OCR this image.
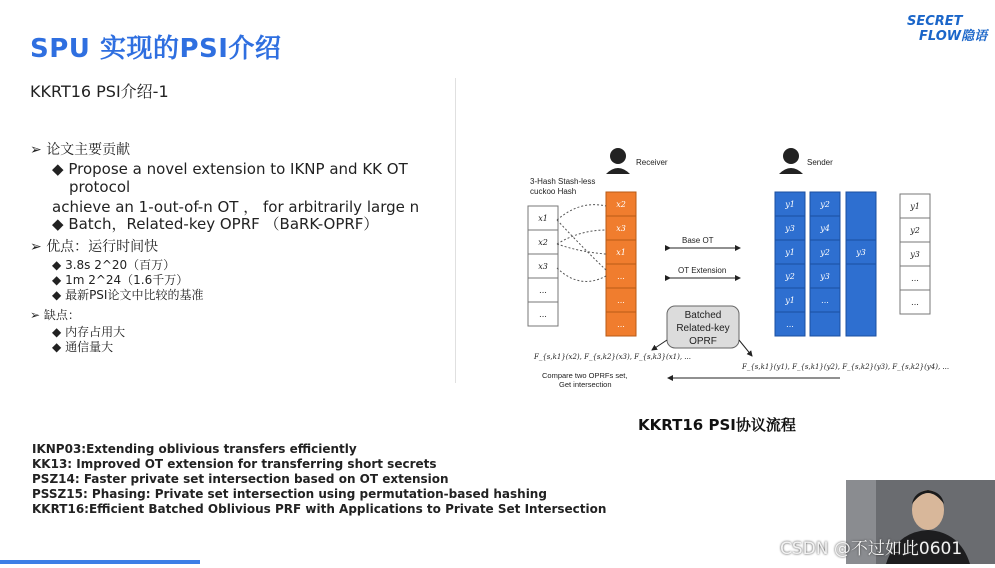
SPU 实现的PSI介绍
SECRET
FLOW隐语
KKRT16 PSI介绍-1
➢ 论文主要贡献
◆ Propose a novel extension to IKNP and KK OT
protocol
achieve an 1-out-of-n OT ， for arbitrarily large n
◆ Batch，Related-key OPRF （BaRK-OPRF）
➢ 优点：运行时间快
◆ 3.8s 2^20（百万）
◆ 1m 2^24（1.6千万）
◆ 最新PSI论文中比较的基准
➢ 缺点：
◆ 内存占用大
◆ 通信量大
Receiver	Sender
3-Hash Stash-less
cuckoo Hash
x1
x2
x3
...
...
x2
x3
x1
...
...
...
y1
y3
y1
y2
y1
...
y2
y4
y2
y3
...
y3
y1
y2
y3
...
...
Base OT
OT Extension
Batched
Related-key
OPRF
F_{s,k1}(x2), F_{s,k2}(x3), F_{s,k3}(x1), ...
F_{s,k1}(y1), F_{s,k1}(y2), F_{s,k2}(y3), F_{s,k2}(y4), ...
Compare two OPRFs set,
Get intersection
KKRT16 PSI协议流程
IKNP03:Extending oblivious transfers efficiently
KK13: Improved OT extension for transferring short secrets
PSZ14: Faster private set intersection based on OT extension
PSSZ15: Phasing: Private set intersection using permutation-based hashing
KKRT16:Efficient Batched Oblivious PRF with Applications to Private Set Intersection
CSDN @不过如此0601
